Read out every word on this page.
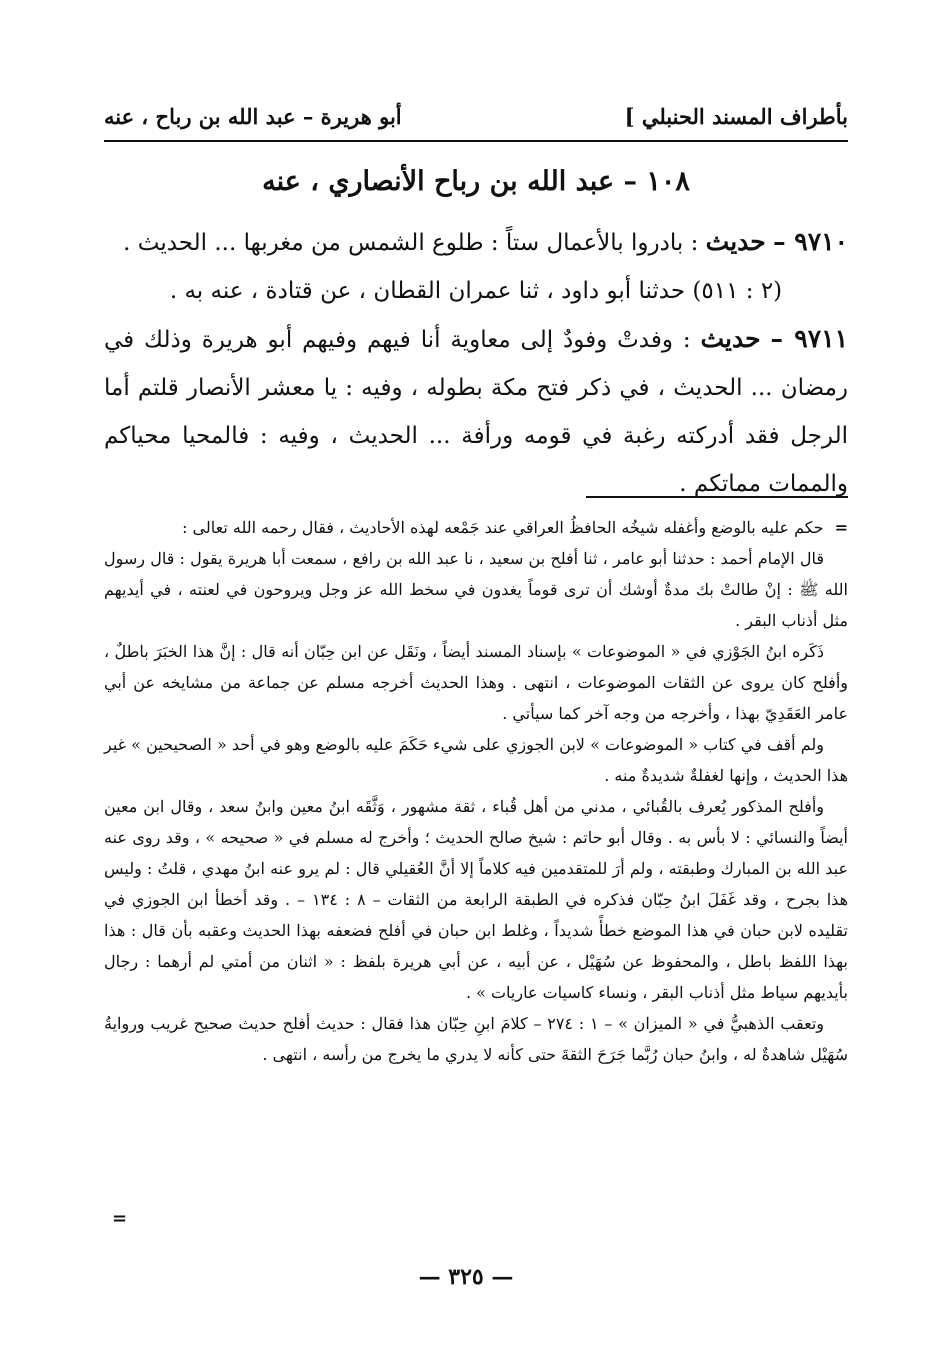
بأطراف المسند الحنبلي ]
أبو هريرة – عبد الله بن رباح ، عنه
١٠٨ – عبد الله بن رباح الأنصاري ، عنه

٩٧١٠ – حديث : بادروا بالأعمال ستاً : طلوع الشمس من مغربها ... الحديث .

(٢ : ٥١١) حدثنا أبو داود ، ثنا عمران القطان ، عن قتادة ، عنه به .

٩٧١١ – حديث : وفدتْ وفودٌ إلى معاوية أنا فيهم وفيهم أبو هريرة وذلك في رمضان ... الحديث ، في ذكر فتح مكة بطوله ، وفيه : يا معشر الأنصار قلتم أما الرجل فقد أدركته رغبة في قومه ورأفة ... الحديث ، وفيه : فالمحيا محياكم والممات مماتكم .

= حكم عليه بالوضع وأغفله شيخُه الحافظُ العراقي عند جَمْعه لهذه الأحاديث ، فقال رحمه الله تعالى :

قال الإمام أحمد : حدثنا أبو عامر ، ثنا أفلح بن سعيد ، نا عبد الله بن رافع ، سمعت أبا هريرة يقول : قال رسول الله ﷺ : إنْ طالتْ بك مدةٌ أوشك أن ترى قوماً يغدون في سخط الله عز وجل ويروحون في لعنته ، في أيديهم مثل أذناب البقر .

ذَكَره ابنُ الجَوْزي في « الموضوعات » بإسناد المسند أيضاً ، ونَقَل عن ابن حِبّان أنه قال : إنَّ هذا الخبَرَ باطلٌ ، وأفلح كان يروى عن الثقات الموضوعات ، انتهى . وهذا الحديث أخرجه مسلم عن جماعة من مشايخه عن أبي عامر العَقَدِيّ بهذا ، وأخرجه من وجه آخر كما سيأتي .

ولم أقف في كتاب « الموضوعات » لابن الجوزي على شيء حَكَمَ عليه بالوضع وهو في أحد « الصحيحين » غير هذا الحديث ، وإنها لغفلةٌ شديدةٌ منه .

وأفلح المذكور يُعرف بالقُبائي ، مدني من أهل قُباء ، ثقة مشهور ، وَثَّقَه ابنُ معين وابنُ سعد ، وقال ابن معين أيضاً والنسائي : لا بأس به . وقال أبو حاتم : شيخ صالح الحديث ؛ وأخرج له مسلم في « صحيحه » ، وقد روى عنه عبد الله بن المبارك وطبقته ، ولم أرَ للمتقدمين فيه كلاماً إلا أنَّ العُقيلي قال : لم يرو عنه ابنُ مهدي ، قلتُ : وليس هذا بجرح ، وقد غَفَلَ ابنُ حِبّان فذكره في الطبقة الرابعة من الثقات – ٨ : ١٣٤ – . وقد أخطأ ابن الجوزي في تقليده لابن حبان في هذا الموضع خطأً شديداً ، وغلط ابن حبان في أفلح فضعفه بهذا الحديث وعقبه بأن قال : هذا بهذا اللفظ باطل ، والمحفوظ عن سُهَيْل ، عن أبيه ، عن أبي هريرة بلفظ : « اثنان من أمتي لم أرهما : رجال بأيديهم سياط مثل أذناب البقر ، ونساء كاسيات عاريات » .

وتعقب الذهبيُّ في « الميزان » – ١ : ٢٧٤ – كلامَ ابنِ حِبّان هذا فقال : حديث أفلح حديث صحيح غريب وروايةُ سُهَيْل شاهدةٌ له ، وابنُ حبان رُبَّما جَرَحَ الثقةَ حتى كأنه لا يدري ما يخرج من رأسه ، انتهى .

=
— ٣٢٥ —
